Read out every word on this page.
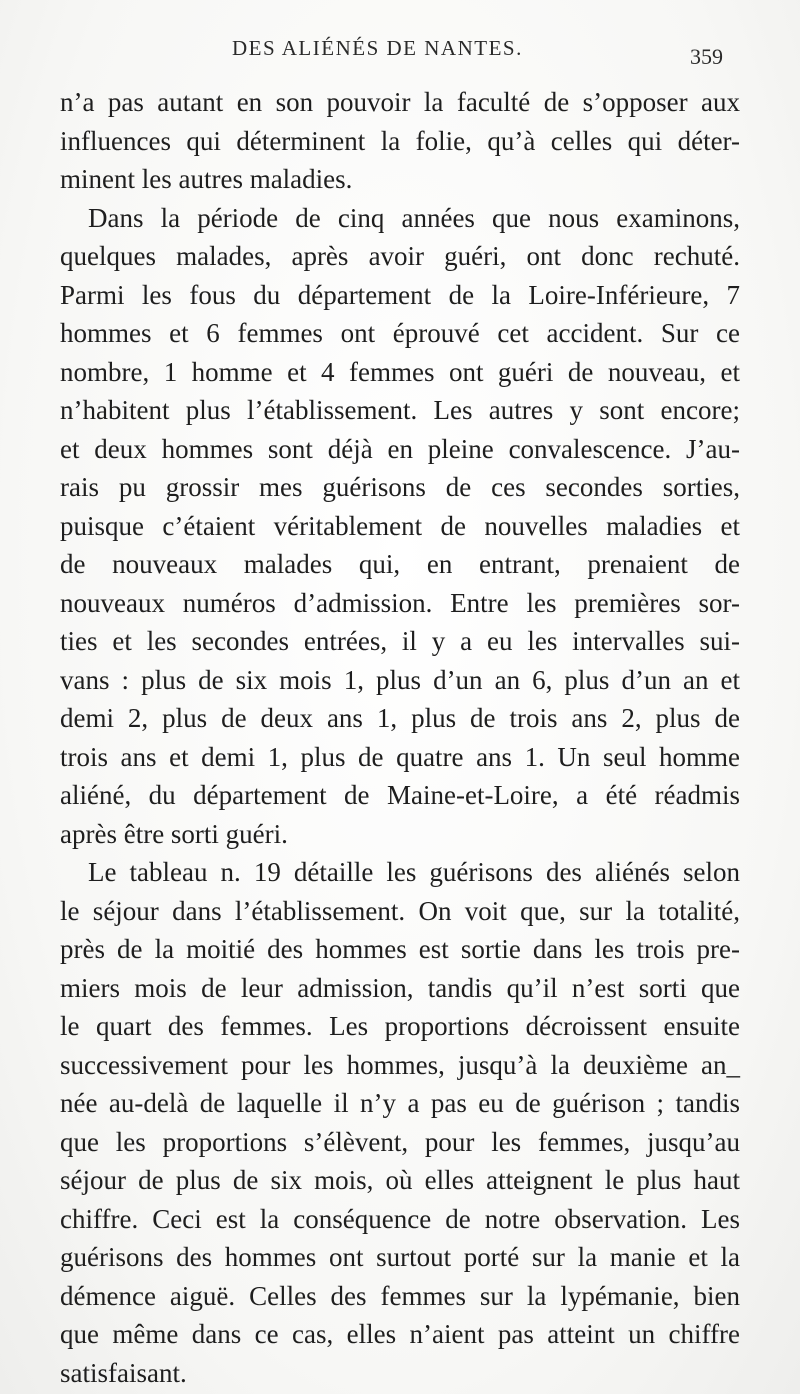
DES ALIÉNÉS DE NANTES.	359
n’a pas autant en son pouvoir la faculté de s’opposer aux
influences qui déterminent la folie, qu’à celles qui déter-
minent les autres maladies.
Dans la période de cinq années que nous examinons,
quelques malades, après avoir guéri, ont donc rechuté.
Parmi les fous du département de la Loire-Inférieure, 7
hommes et 6 femmes ont éprouvé cet accident. Sur ce
nombre, 1 homme et 4 femmes ont guéri de nouveau, et
n’habitent plus l’établissement. Les autres y sont encore;
et deux hommes sont déjà en pleine convalescence. J’au-
rais pu grossir mes guérisons de ces secondes sorties,
puisque c’étaient véritablement de nouvelles maladies et
de nouveaux malades qui, en entrant, prenaient de
nouveaux numéros d’admission. Entre les premières sor-
ties et les secondes entrées, il y a eu les intervalles sui-
vans : plus de six mois 1, plus d’un an 6, plus d’un an et
demi 2, plus de deux ans 1, plus de trois ans 2, plus de
trois ans et demi 1, plus de quatre ans 1. Un seul homme
aliéné, du département de Maine-et-Loire, a été réadmis
après être sorti guéri.
Le tableau n. 19 détaille les guérisons des aliénés selon
le séjour dans l’établissement. On voit que, sur la totalité,
près de la moitié des hommes est sortie dans les trois pre-
miers mois de leur admission, tandis qu’il n’est sorti que
le quart des femmes. Les proportions décroissent ensuite
successivement pour les hommes, jusqu’à la deuxième an_
née au-delà de laquelle il n’y a pas eu de guérison ; tandis
que les proportions s’élèvent, pour les femmes, jusqu’au
séjour de plus de six mois, où elles atteignent le plus haut
chiffre. Ceci est la conséquence de notre observation. Les
guérisons des hommes ont surtout porté sur la manie et la
démence aiguë. Celles des femmes sur la lypémanie, bien
que même dans ce cas, elles n’aient pas atteint un chiffre
satisfaisant.
